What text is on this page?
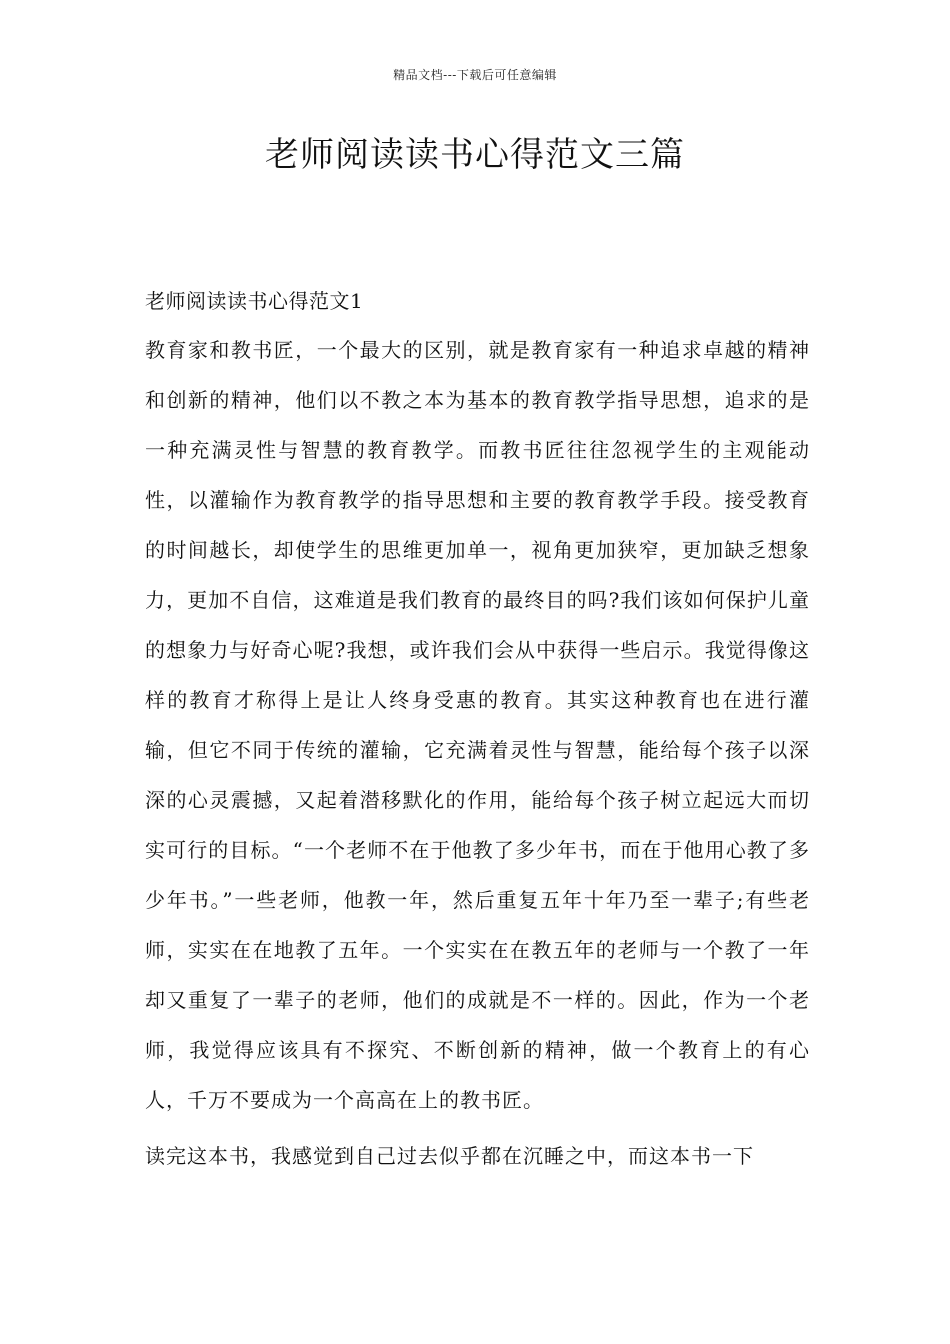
精品文档---下载后可任意编辑
老师阅读读书心得范文三篇
老师阅读读书心得范文1

教育家和教书匠，一个最大的区别，就是教育家有一种追求卓越的精神和创新的精神，他们以不教之本为基本的教育教学指导思想，追求的是一种充满灵性与智慧的教育教学。而教书匠往往忽视学生的主观能动性，以灌输作为教育教学的指导思想和主要的教育教学手段。接受教育的时间越长，却使学生的思维更加单一，视角更加狭窄，更加缺乏想象力，更加不自信，这难道是我们教育的最终目的吗?我们该如何保护儿童的想象力与好奇心呢?我想，或许我们会从中获得一些启示。我觉得像这样的教育才称得上是让人终身受惠的教育。其实这种教育也在进行灌输，但它不同于传统的灌输，它充满着灵性与智慧，能给每个孩子以深深的心灵震撼，又起着潜移默化的作用，能给每个孩子树立起远大而切实可行的目标。“一个老师不在于他教了多少年书，而在于他用心教了多少年书。”一些老师，他教一年，然后重复五年十年乃至一辈子;有些老师，实实在在地教了五年。一个实实在在教五年的老师与一个教了一年却又重复了一辈子的老师，他们的成就是不一样的。因此，作为一个老师，我觉得应该具有不探究、不断创新的精神，做一个教育上的有心人，千万不要成为一个高高在上的教书匠。

读完这本书，我感觉到自己过去似乎都在沉睡之中，而这本书一下
